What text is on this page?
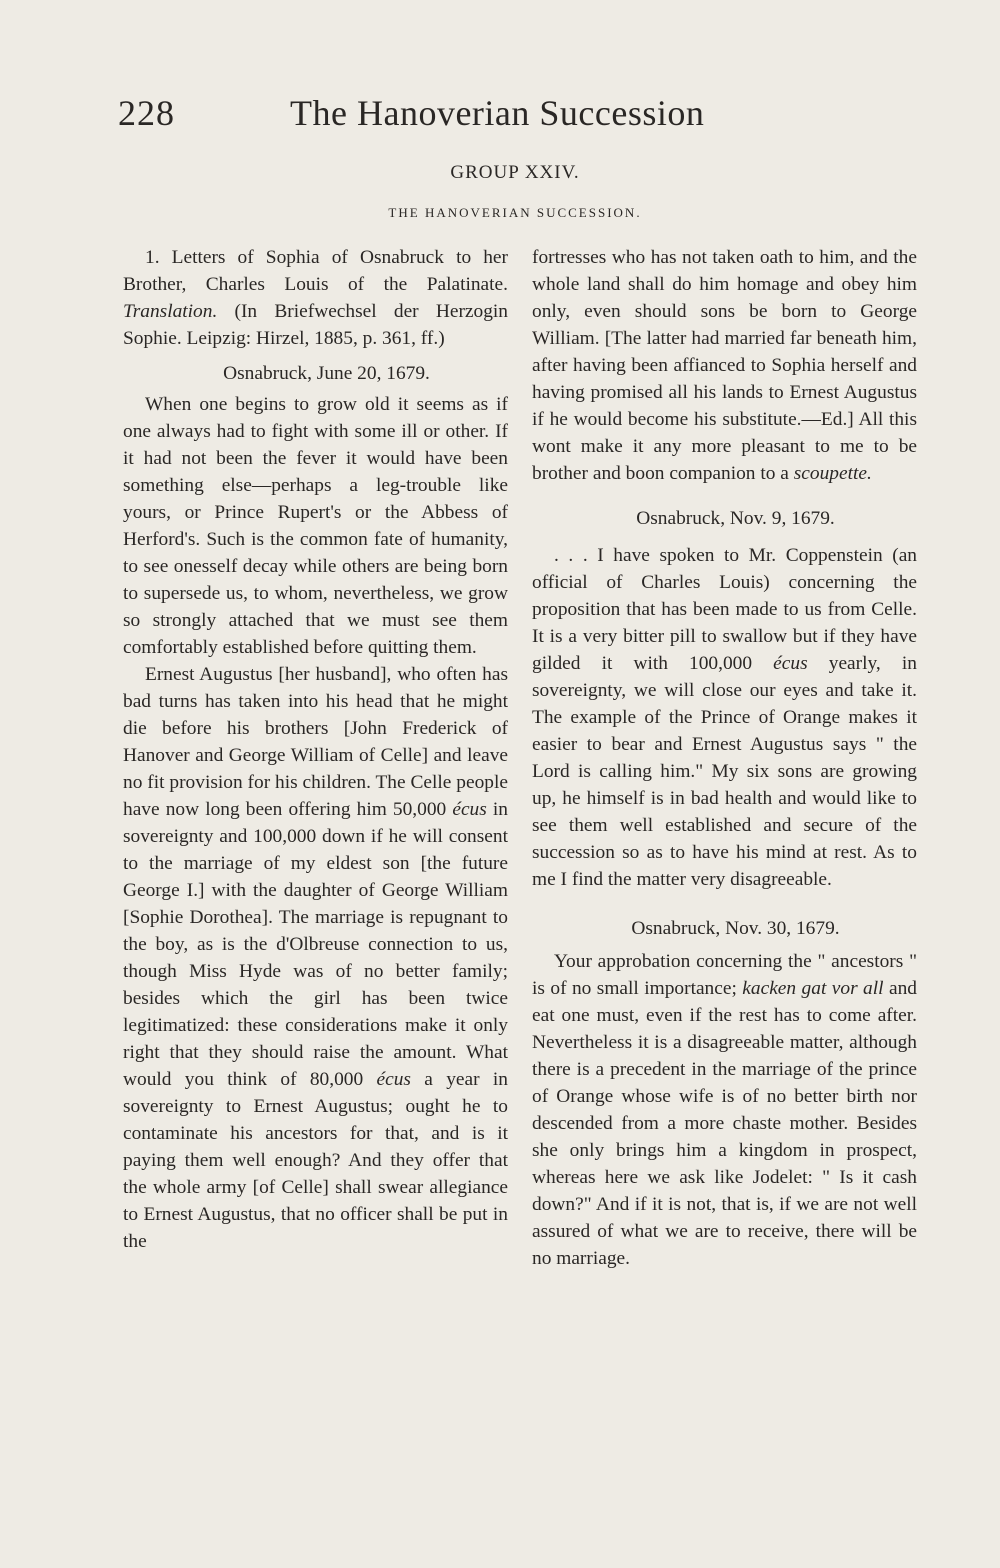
228	The Hanoverian Succession
GROUP XXIV.
THE HANOVERIAN SUCCESSION.

1. Letters of Sophia of Osnabruck to her Brother, Charles Louis of the Palatinate. Translation. (In Briefwechsel der Herzogin Sophie. Leipzig: Hirzel, 1885, p. 361, ff.)

Osnabruck, June 20, 1679.

When one begins to grow old it seems as if one always had to fight with some ill or other. If it had not been the fever it would have been something else—perhaps a leg-trouble like yours, or Prince Rupert's or the Abbess of Herford's. Such is the common fate of humanity, to see onesself decay while others are being born to supersede us, to whom, nevertheless, we grow so strongly attached that we must see them comfortably established before quitting them.

Ernest Augustus [her husband], who often has bad turns has taken into his head that he might die before his brothers [John Frederick of Hanover and George William of Celle] and leave no fit provision for his children. The Celle people have now long been offering him 50,000 écus in sovereignty and 100,000 down if he will consent to the marriage of my eldest son [the future George I.] with the daughter of George William [Sophie Dorothea]. The marriage is repugnant to the boy, as is the d'Olbreuse connection to us, though Miss Hyde was of no better family; besides which the girl has been twice legitimatized: these considerations make it only right that they should raise the amount. What would you think of 80,000 écus a year in sovereignty to Ernest Augustus; ought he to contaminate his ancestors for that, and is it paying them well enough? And they offer that the whole army [of Celle] shall swear allegiance to Ernest Augustus, that no officer shall be put in the

fortresses who has not taken oath to him, and the whole land shall do him homage and obey him only, even should sons be born to George William. [The latter had married far beneath him, after having been affianced to Sophia herself and having promised all his lands to Ernest Augustus if he would become his substitute.—Ed.] All this wont make it any more pleasant to me to be brother and boon companion to a scoupette.

Osnabruck, Nov. 9, 1679.

. . . I have spoken to Mr. Coppenstein (an official of Charles Louis) concerning the proposition that has been made to us from Celle. It is a very bitter pill to swallow but if they have gilded it with 100,000 écus yearly, in sovereignty, we will close our eyes and take it. The example of the Prince of Orange makes it easier to bear and Ernest Augustus says " the Lord is calling him." My six sons are growing up, he himself is in bad health and would like to see them well established and secure of the succession so as to have his mind at rest. As to me I find the matter very disagreeable.

Osnabruck, Nov. 30, 1679.

Your approbation concerning the " ancestors " is of no small importance; kacken gat vor all and eat one must, even if the rest has to come after. Nevertheless it is a disagreeable matter, although there is a precedent in the marriage of the prince of Orange whose wife is of no better birth nor descended from a more chaste mother. Besides she only brings him a kingdom in prospect, whereas here we ask like Jodelet: " Is it cash down?" And if it is not, that is, if we are not well assured of what we are to receive, there will be no marriage.
